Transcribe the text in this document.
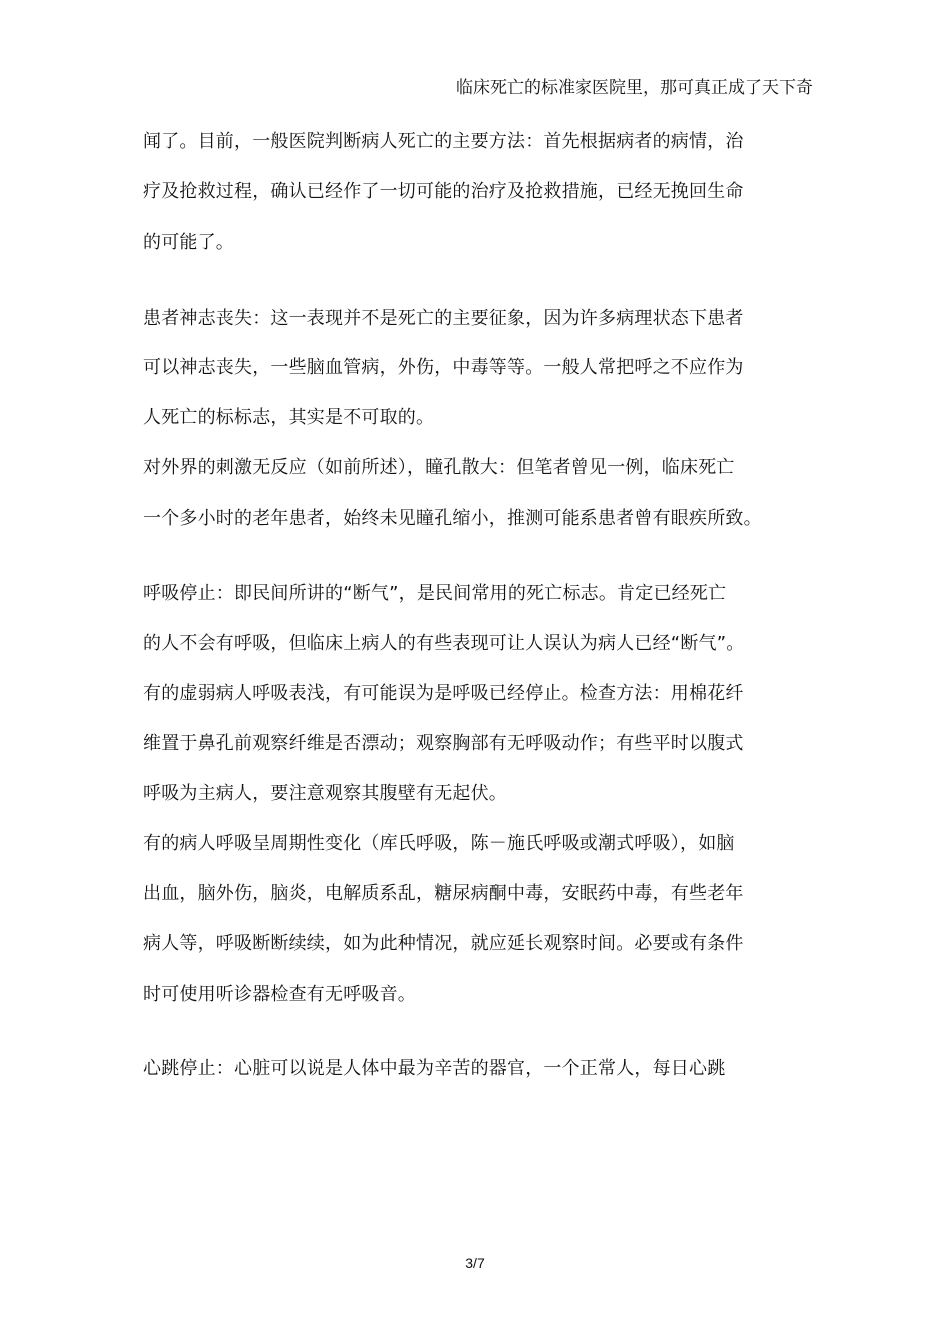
临床死亡的标准家医院里，那可真正成了天下奇
闻了。目前，一般医院判断病人死亡的主要方法：首先根据病者的病情，治
疗及抢救过程，确认已经作了一切可能的治疗及抢救措施，已经无挽回生命
的可能了。
患者神志丧失：这一表现并不是死亡的主要征象，因为许多病理状态下患者
可以神志丧失，一些脑血管病，外伤，中毒等等。一般人常把呼之不应作为
人死亡的标标志，其实是不可取的。
对外界的刺激无反应（如前所述），瞳孔散大：但笔者曾见一例，临床死亡
一个多小时的老年患者，始终未见瞳孔缩小，推测可能系患者曾有眼疾所致。
呼吸停止：即民间所讲的“断气”，是民间常用的死亡标志。肯定已经死亡
的人不会有呼吸，但临床上病人的有些表现可让人误认为病人已经“断气”。
有的虚弱病人呼吸表浅，有可能误为是呼吸已经停止。检查方法：用棉花纤
维置于鼻孔前观察纤维是否漂动；观察胸部有无呼吸动作；有些平时以腹式
呼吸为主病人，要注意观察其腹壁有无起伏。
有的病人呼吸呈周期性变化（库氏呼吸，陈－施氏呼吸或潮式呼吸），如脑
出血，脑外伤，脑炎，电解质系乱，糖尿病酮中毒，安眠药中毒，有些老年
病人等，呼吸断断续续，如为此种情况，就应延长观察时间。必要或有条件
时可使用听诊器检查有无呼吸音。
心跳停止：心脏可以说是人体中最为辛苦的器官，一个正常人，每日心跳
3/7
